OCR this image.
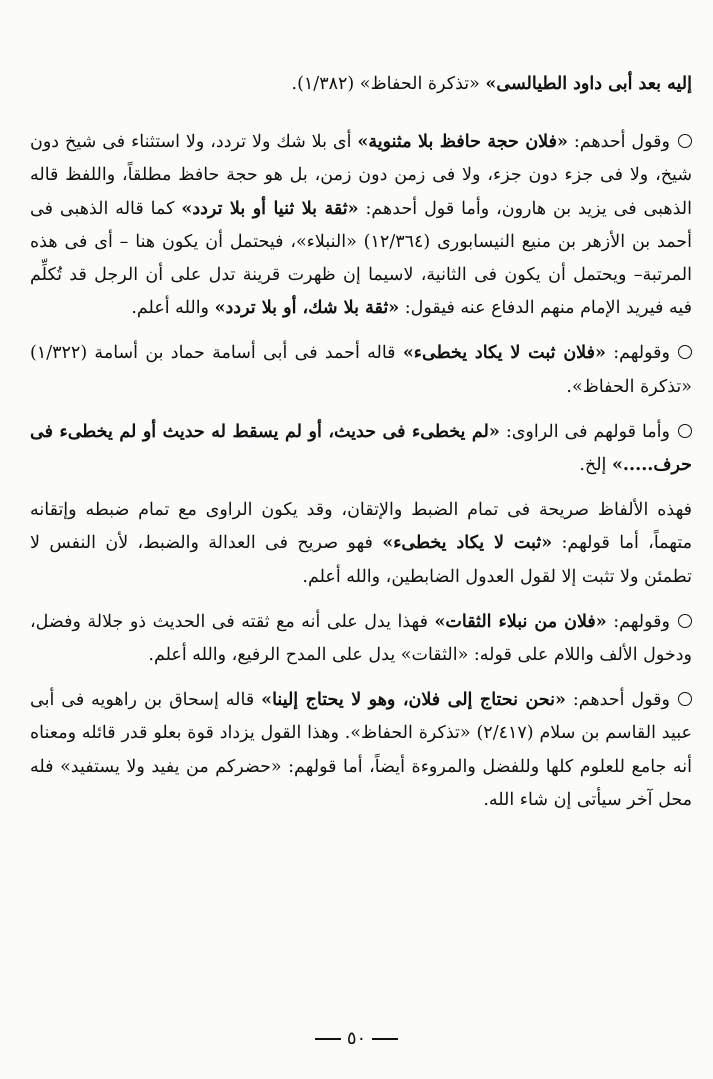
إليه بعد أبى داود الطيالسى» «تذكرة الحفاظ» (١/٣٨٢).

وقول أحدهم: «فلان حجة حافظ بلا مثنوية» أى بلا شك ولا تردد، ولا استثناء فى شيخ دون شيخ، ولا فى جزء دون جزء، ولا فى زمن دون زمن، بل هو حجة حافظ مطلقاً، واللفظ قاله الذهبى فى يزيد بن هارون، وأما قول أحدهم: «ثقة بلا ثنيا أو بلا تردد» كما قاله الذهبى فى أحمد بن الأزهر بن منيع النيسابورى (١٢/٣٦٤) «النبلاء»، فيحتمل أن يكون هنا – أى فى هذه المرتبة– ويحتمل أن يكون فى الثانية، لاسيما إن ظهرت قرينة تدل على أن الرجل قد تُكلِّم فيه فيريد الإمام منهم الدفاع عنه فيقول: «ثقة بلا شك، أو بلا تردد» والله أعلم.

وقولهم: «فلان ثبت لا يكاد يخطىء» قاله أحمد فى أبى أسامة حماد بن أسامة (١/٣٢٢) «تذكرة الحفاظ».

وأما قولهم فى الراوى: «لم يخطىء فى حديث، أو لم يسقط له حديث أو لم يخطىء فى حرف.....» إلخ.

فهذه الألفاظ صريحة فى تمام الضبط والإتقان، وقد يكون الراوى مع تمام ضبطه وإتقانه متهماً، أما قولهم: «ثبت لا يكاد يخطىء» فهو صريح فى العدالة والضبط، لأن النفس لا تطمئن ولا تثبت إلا لقول العدول الضابطين، والله أعلم.

وقولهم: «فلان من نبلاء الثقات» فهذا يدل على أنه مع ثقته فى الحديث ذو جلالة وفضل، ودخول الألف واللام على قوله: «الثقات» يدل على المدح الرفيع، والله أعلم.

وقول أحدهم: «نحن نحتاج إلى فلان، وهو لا يحتاج إلينا» قاله إسحاق بن راهويه فى أبى عبيد القاسم بن سلام (٢/٤١٧) «تذكرة الحفاظ». وهذا القول يزداد قوة بعلو قدر قائله ومعناه أنه جامع للعلوم كلها وللفضل والمروءة أيضاً، أما قولهم: «حضركم من يفيد ولا يستفيد» فله محل آخر سيأتى إن شاء الله.

٥٠
